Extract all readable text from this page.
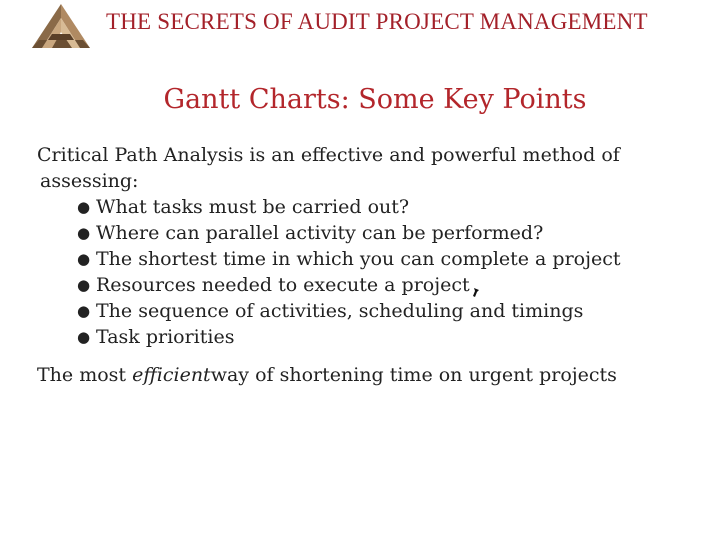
THE SECRETS OF AUDIT PROJECT MANAGEMENT
Gantt Charts: Some Key Points

Critical Path Analysis is an effective and powerful method of

assessing:

● What tasks must be carried out?
● Where can parallel activity can be performed?
● The shortest time in which you can complete a project
● Resources needed to execute a project
● The sequence of activities, scheduling and timings
● Task priorities

The most efficientway of shortening time on urgent projects
